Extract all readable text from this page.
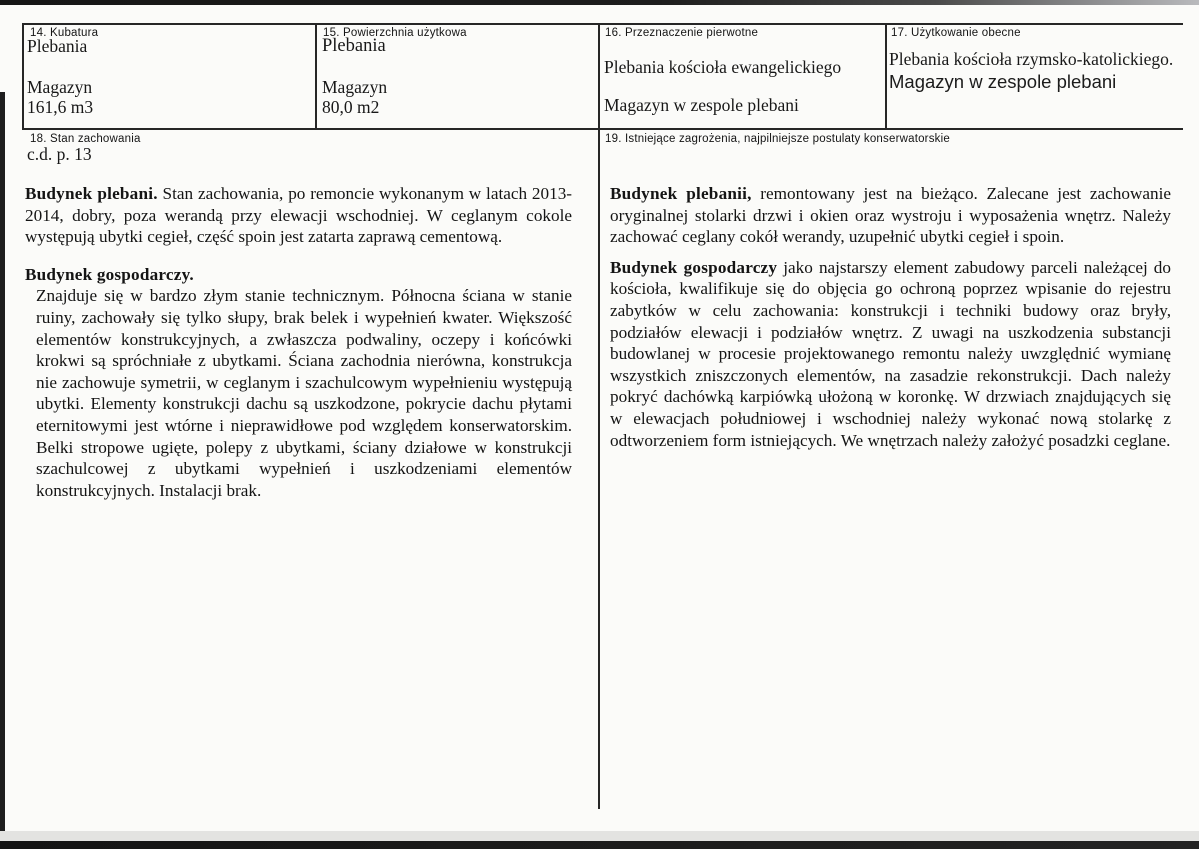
14. Kubatura
Plebania
Magazyn
161,6 m3
15. Powierzchnia użytkowa
Plebania
Magazyn
80,0 m2
16. Przeznaczenie pierwotne
Plebania kościoła ewangelickiego
Magazyn w zespole plebani
17. Użytkowanie obecne
Plebania kościoła rzymsko-katolickiego.
Magazyn w zespole plebani
18. Stan zachowania
c.d. p. 13
19. Istniejące zagrożenia, najpilniejsze postulaty konserwatorskie

Budynek plebani. Stan zachowania, po remoncie wykonanym w latach 2013-2014, dobry, poza werandą przy elewacji wschodniej. W ceglanym cokole występują ubytki cegieł, część spoin jest zatarta zaprawą cementową.

Budynek gospodarczy.

Znajduje się w bardzo złym stanie technicznym. Północna ściana w stanie ruiny, zachowały się tylko słupy, brak belek i wypełnień kwater. Większość elementów konstrukcyjnych, a zwłaszcza podwaliny, oczepy i końcówki krokwi są spróchniałe z ubytkami. Ściana zachodnia nierówna, konstrukcja nie zachowuje symetrii, w ceglanym i szachulcowym wypełnieniu występują ubytki. Elementy konstrukcji dachu są uszkodzone, pokrycie dachu płytami eternitowymi jest wtórne i nieprawidłowe pod względem konserwatorskim. Belki stropowe ugięte, polepy z ubytkami, ściany działowe w konstrukcji szachulcowej z ubytkami wypełnień i uszkodzeniami elementów konstrukcyjnych. Instalacji brak.

Budynek plebanii, remontowany jest na bieżąco. Zalecane jest zachowanie oryginalnej stolarki drzwi i okien oraz wystroju i wyposażenia wnętrz. Należy zachować ceglany cokół werandy, uzupełnić ubytki cegieł i spoin.

Budynek gospodarczy jako najstarszy element zabudowy parceli należącej do kościoła, kwalifikuje się do objęcia go ochroną poprzez wpisanie do rejestru zabytków w celu zachowania: konstrukcji i techniki budowy oraz bryły, podziałów elewacji i podziałów wnętrz. Z uwagi na uszkodzenia substancji budowlanej w procesie projektowanego remontu należy uwzględnić wymianę wszystkich zniszczonych elementów, na zasadzie rekonstrukcji. Dach należy pokryć dachówką karpiówką ułożoną w koronkę. W drzwiach znajdujących się w elewacjach południowej i wschodniej należy wykonać nową stolarkę z odtworzeniem form istniejących. We wnętrzach należy założyć posadzki ceglane.
